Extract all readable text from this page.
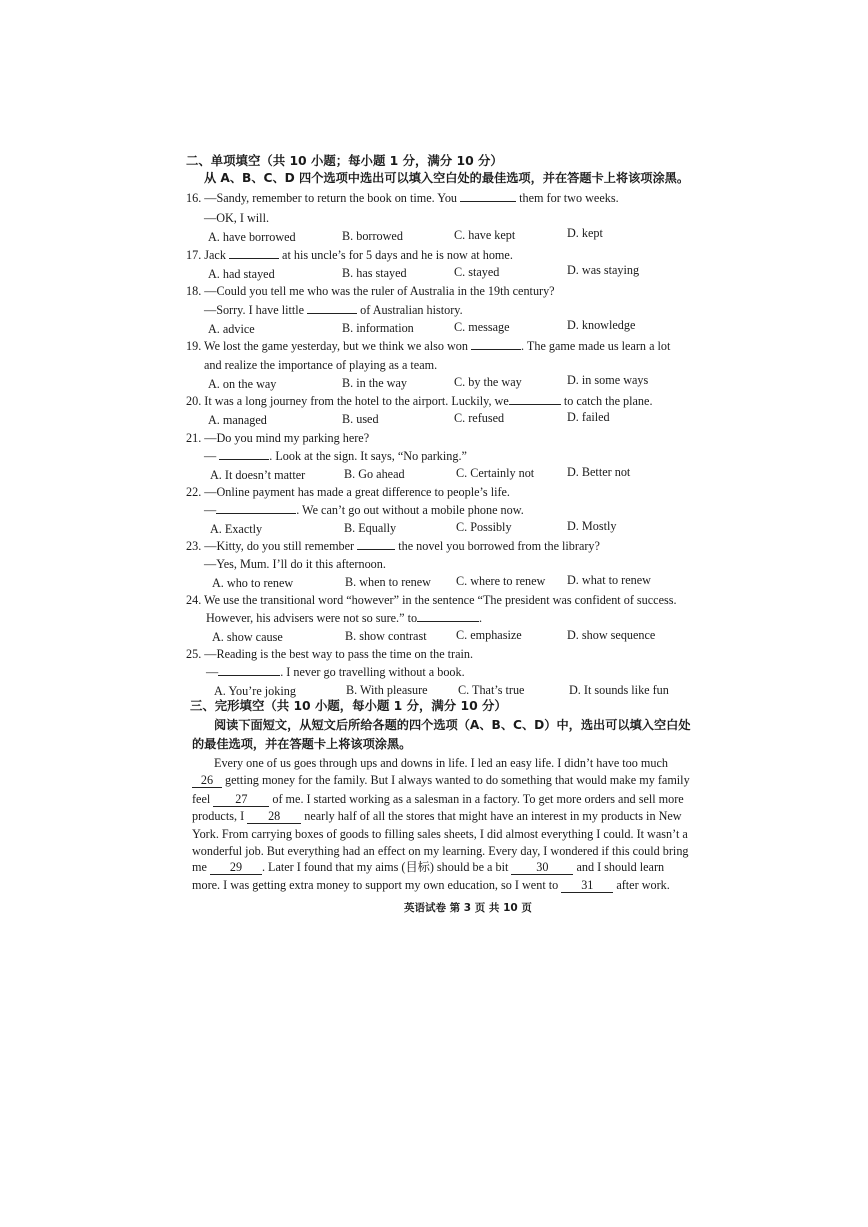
二、单项填空（共 10 小题；每小题 1 分，满分 10 分）
从 A、B、C、D 四个选项中选出可以填入空白处的最佳选项，并在答题卡上将该项涂黑。
16. —Sandy, remember to return the book on time. You	them for two weeks.
—OK, I will.
A. have borrowed	B. borrowed	C. have kept	D. kept
17. Jack	at his uncle’s for 5 days and he is now at home.
A. had stayed	B. has stayed	C. stayed	D. was staying
18. —Could you tell me who was the ruler of Australia in the 19th century?
—Sorry. I have little	of Australian history.
A. advice	B. information	C. message	D. knowledge
19. We lost the game yesterday, but we think we also won	. The game made us learn a lot
and realize the importance of playing as a team.
A. on the way	B. in the way	C. by the way	D. in some ways
20. It was a long journey from the hotel to the airport. Luckily, we	to catch the plane.
A. managed	B. used	C. refused	D. failed
21. —Do you mind my parking here?
—	. Look at the sign. It says, “No parking.”
A. It doesn’t matter	B. Go ahead	C. Certainly not	D. Better not
22. —Online payment has made a great difference to people’s life.
—	. We can’t go out without a mobile phone now.
A. Exactly	B. Equally	C. Possibly	D. Mostly
23. —Kitty, do you still remember	the novel you borrowed from the library?
—Yes, Mum. I’ll do it this afternoon.
A. who to renew	B. when to renew C. where to renew D. what to renew
24. We use the transitional word “however” in the sentence “The president was confident of success.
However, his advisers were not so sure.” to	.
A. show cause	B. show contrast C. emphasize	D. show sequence
25. —Reading is the best way to pass the time on the train.
—	. I never go travelling without a book.
A. You’re joking	B. With pleasure C. That’s true	D. It sounds like fun
三、完形填空（共 10 小题，每小题 1 分，满分 10 分）
阅读下面短文，从短文后所给各题的四个选项（A、B、C、D）中，选出可以填入空白处
的最佳选项，并在答题卡上将该项涂黑。
Every one of us goes through ups and downs in life. I led an easy life. I didn’t have too much
26 getting money for the family. But I always wanted to do something that would make my family
feel 27 of me. I started working as a salesman in a factory. To get more orders and sell more
products, I 28 nearly half of all the stores that might have an interest in my products in New
York. From carrying boxes of goods to filling sales sheets, I did almost everything I could. It wasn’t a
wonderful job. But everything had an effect on my learning. Every day, I wondered if this could bring
me 29 . Later I found that my aims (目标) should be a bit 30 and I should learn
more. I was getting extra money to support my own education, so I went to 31 after work.
英语试卷 第 3 页 共 10 页
